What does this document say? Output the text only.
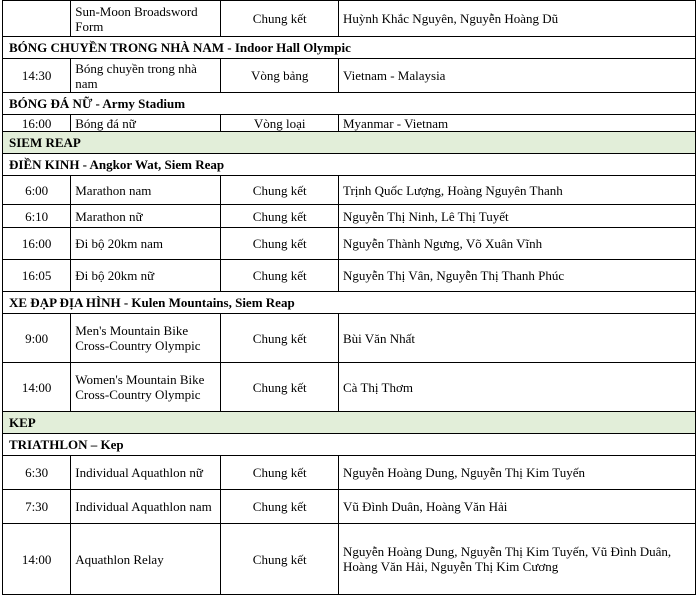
	Sun-Moon Broadsword Form	Chung kết	Huỳnh Khắc Nguyên, Nguyễn Hoàng Dũ
BÓNG CHUYỀN TRONG NHÀ NAM - Indoor Hall Olympic			
14:30	Bóng chuyền trong nhà nam	Vòng bảng	Vietnam - Malaysia
BÓNG ĐÁ NỮ - Army Stadium			
16:00	Bóng đá nữ	Vòng loại	Myanmar - Vietnam
SIEM REAP			
ĐIỀN KINH - Angkor Wat, Siem Reap			
6:00	Marathon nam	Chung kết	Trịnh Quốc Lượng, Hoàng Nguyên Thanh
6:10	Marathon nữ	Chung kết	Nguyễn Thị Ninh, Lê Thị Tuyết
16:00	Đi bộ 20km nam	Chung kết	Nguyễn Thành Ngưng, Võ Xuân Vĩnh
16:05	Đi bộ 20km nữ	Chung kết	Nguyễn Thị Vân, Nguyễn Thị Thanh Phúc
XE ĐẠP ĐỊA HÌNH - Kulen Mountains, Siem Reap			
9:00	Men's Mountain Bike Cross-Country Olympic	Chung kết	Bùi Văn Nhất
14:00	Women's Mountain Bike Cross-Country Olympic	Chung kết	Cà Thị Thơm
KEP			
TRIATHLON – Kep			
6:30	Individual Aquathlon nữ	Chung kết	Nguyễn Hoàng Dung, Nguyễn Thị Kim Tuyến
7:30	Individual Aquathlon nam	Chung kết	Vũ Đình Duân, Hoàng Văn Hải
14:00	Aquathlon Relay	Chung kết	Nguyễn Hoàng Dung, Nguyễn Thị Kim Tuyến, Vũ Đình Duân, Hoàng Văn Hải, Nguyễn Thị Kim Cương
